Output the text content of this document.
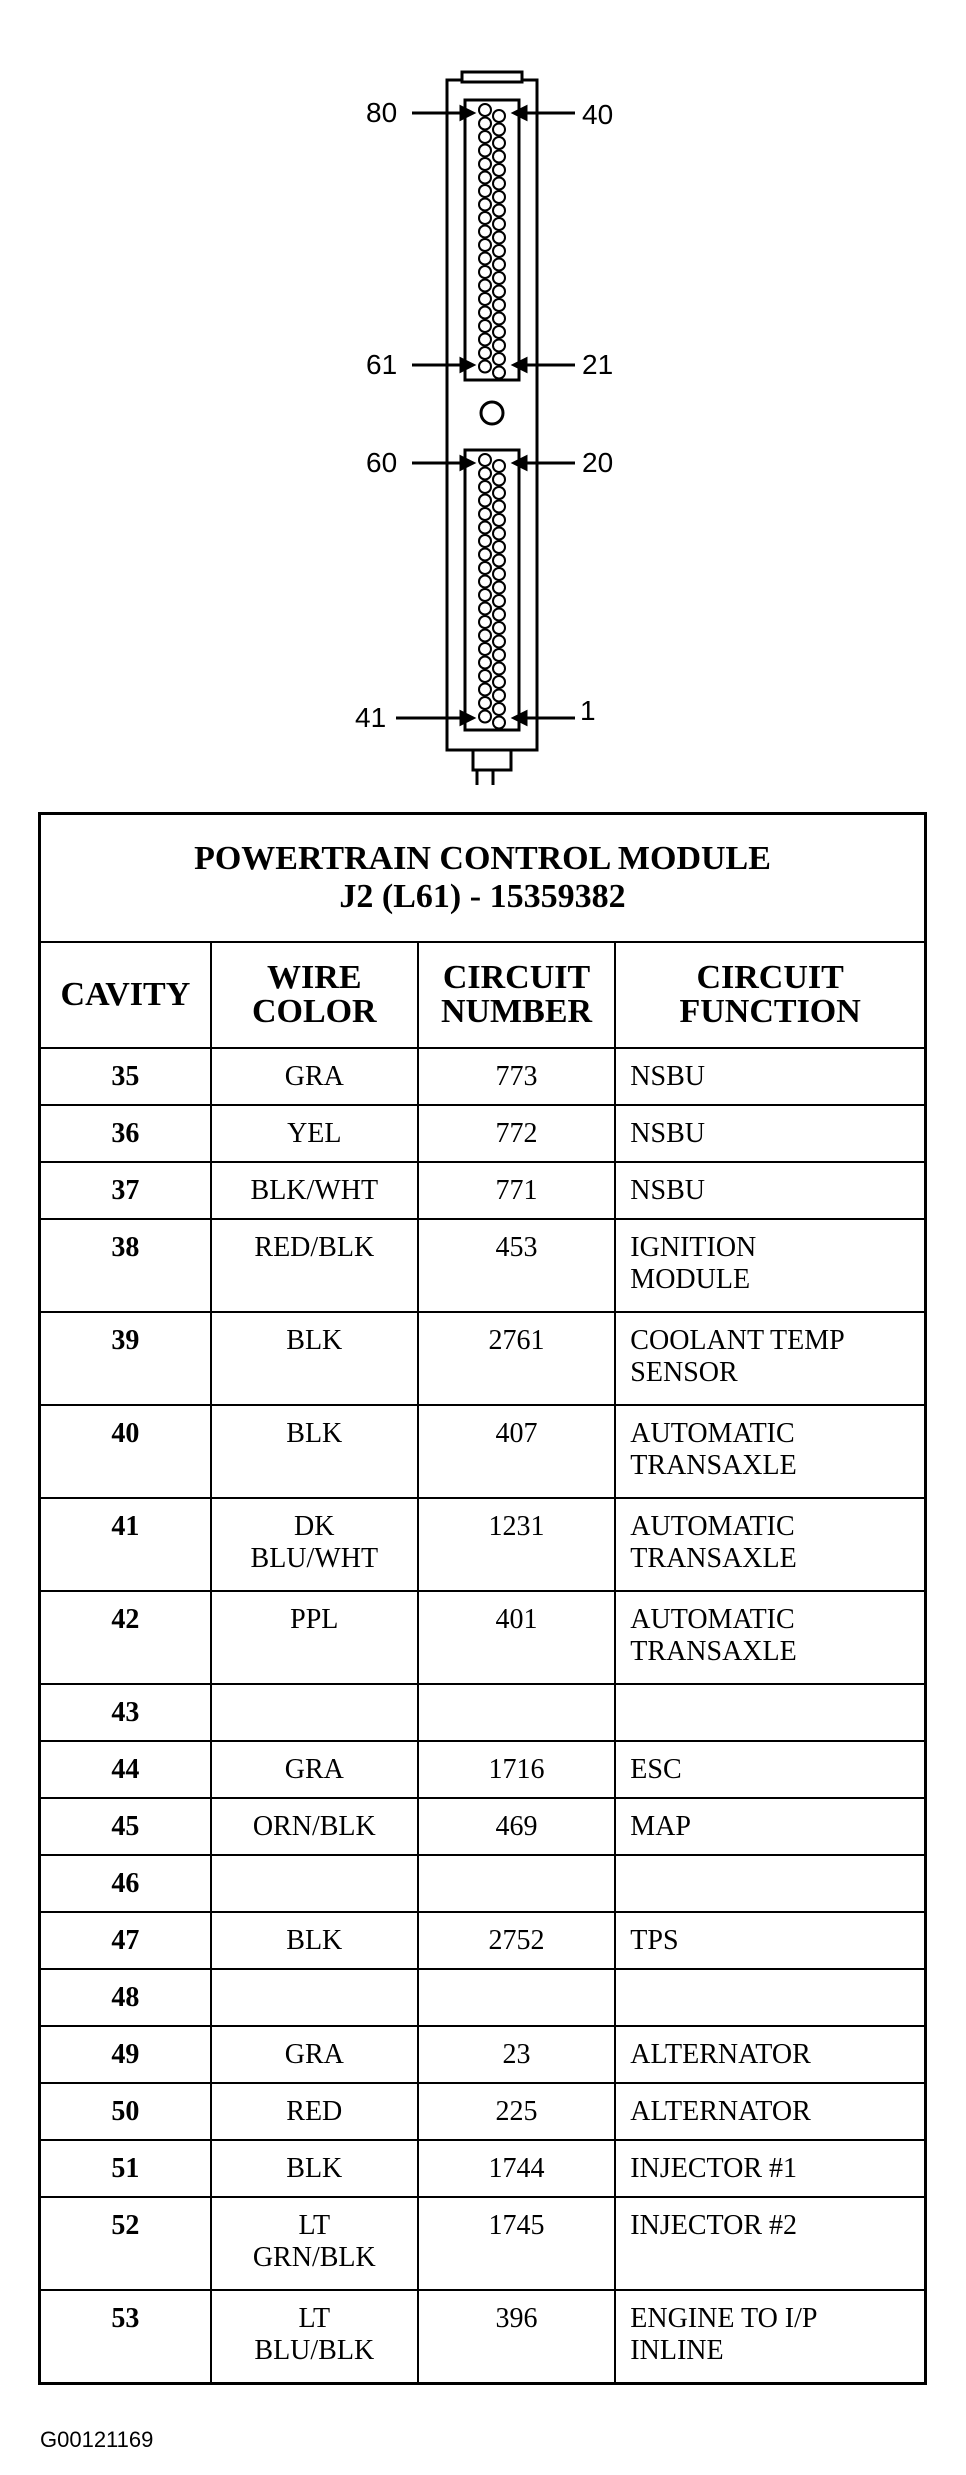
80	40
61	21
60	20
41	1
POWERTRAIN CONTROL MODULE
J2 (L61) - 15359382			

CAVITY	WIRE COLOR	CIRCUIT NUMBER	CIRCUIT FUNCTION

35	GRA	773	NSBU

36	YEL	772	NSBU

37	BLK/WHT	771	NSBU

38	RED/BLK	453	IGNITION MODULE

39	BLK	2761	COOLANT TEMP SENSOR

40	BLK	407	AUTOMATIC TRANSAXLE

41	DK BLU/WHT	1231	AUTOMATIC TRANSAXLE

42	PPL	401	AUTOMATIC TRANSAXLE

43			

44	GRA	1716	ESC

45	ORN/BLK	469	MAP

46			

47	BLK	2752	TPS

48			

49	GRA	23	ALTERNATOR

50	RED	225	ALTERNATOR

51	BLK	1744	INJECTOR #1

52	LT GRN/BLK	1745	INJECTOR #2

53	LT BLU/BLK	396	ENGINE TO I/P INLINE
G00121169
